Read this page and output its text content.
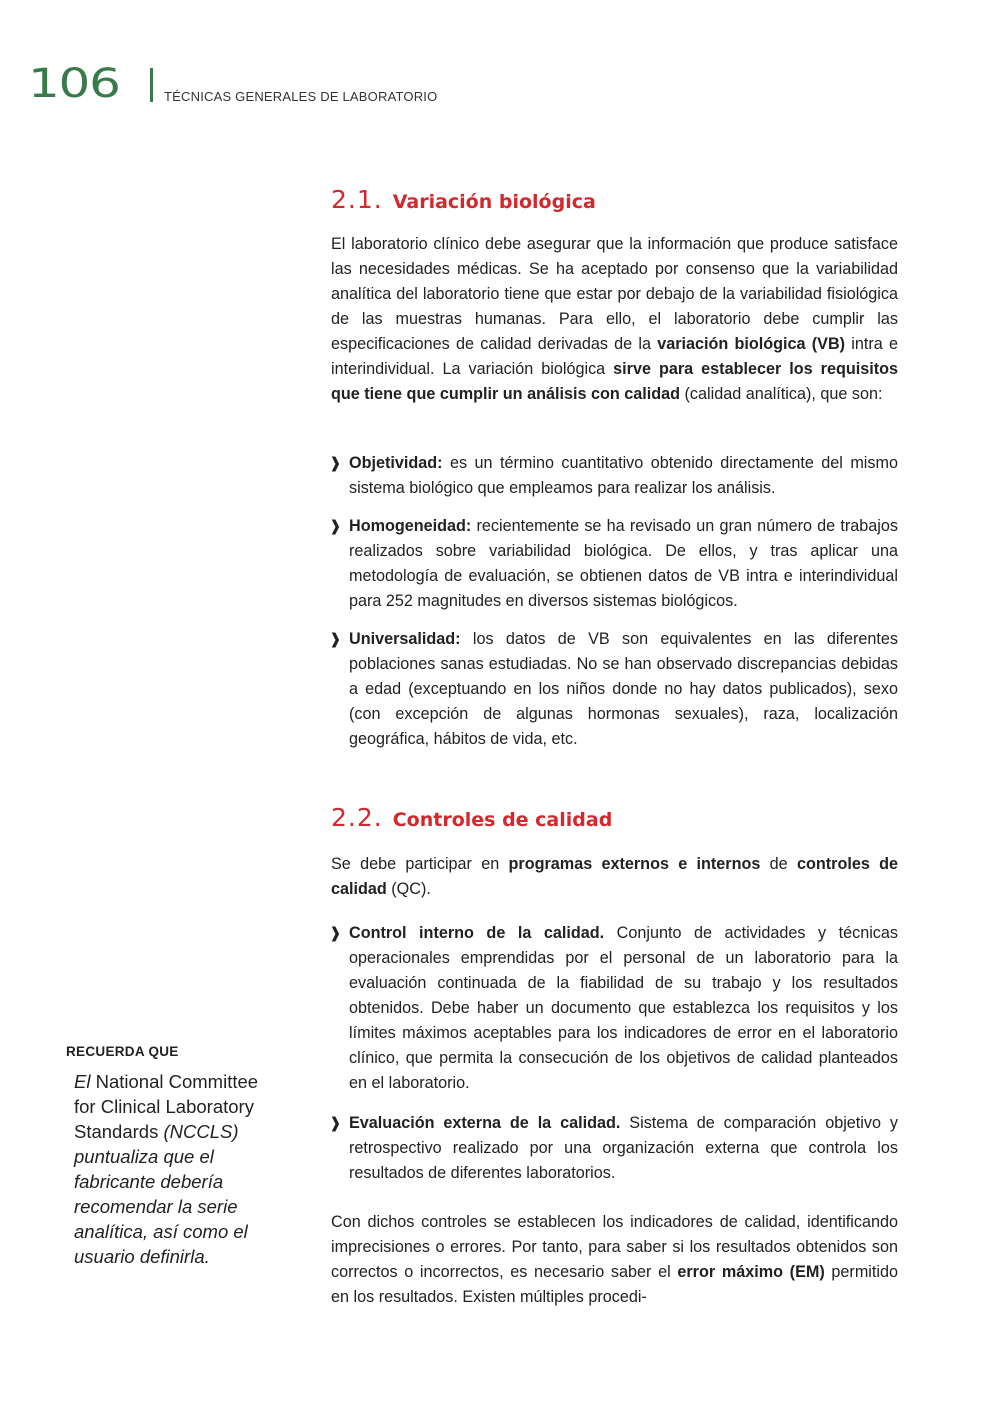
106	TÉCNICAS GENERALES DE LABORATORIO
2.1. Variación biológica

El laboratorio clínico debe asegurar que la información que produce satisface las necesidades médicas. Se ha aceptado por consenso que la variabilidad analítica del laboratorio tiene que estar por debajo de la variabilidad fisiológica de las muestras humanas. Para ello, el laboratorio debe cumplir las especificaciones de calidad derivadas de la variación biológica (VB) intra e interindividual. La variación biológica sirve para establecer los requisitos que tiene que cumplir un análisis con calidad (calidad analítica), que son:

❱ Objetividad: es un término cuantitativo obtenido directamente del mismo sistema biológico que empleamos para realizar los análisis.
❱ Homogeneidad: recientemente se ha revisado un gran número de trabajos realizados sobre variabilidad biológica. De ellos, y tras aplicar una metodología de evaluación, se obtienen datos de VB intra e interindividual para 252 magnitudes en diversos sistemas biológicos.
❱ Universalidad: los datos de VB son equivalentes en las diferentes poblaciones sanas estudiadas. No se han observado discrepancias debidas a edad (exceptuando en los niños donde no hay datos publicados), sexo (con excepción de algunas hormonas sexuales), raza, localización geográfica, hábitos de vida, etc.
2.2. Controles de calidad

Se debe participar en programas externos e internos de controles de calidad (QC).

❱ Control interno de la calidad. Conjunto de actividades y técnicas operacionales emprendidas por el personal de un laboratorio para la evaluación continuada de la fiabilidad de su trabajo y los resultados obtenidos. Debe haber un documento que establezca los requisitos y los límites máximos aceptables para los indicadores de error en el laboratorio clínico, que permita la consecución de los objetivos de calidad planteados en el laboratorio.
❱ Evaluación externa de la calidad. Sistema de comparación objetivo y retrospectivo realizado por una organización externa que controla los resultados de diferentes laboratorios.

Con dichos controles se establecen los indicadores de calidad, identificando imprecisiones o errores. Por tanto, para saber si los resultados obtenidos son correctos o incorrectos, es necesario saber el error máximo (EM) permitido en los resultados. Existen múltiples procedi-

RECUERDA QUE
El National Committee for Clinical Laboratory Standards (NCCLS) puntualiza que el fabricante debería recomendar la serie analítica, así como el usuario definirla.
